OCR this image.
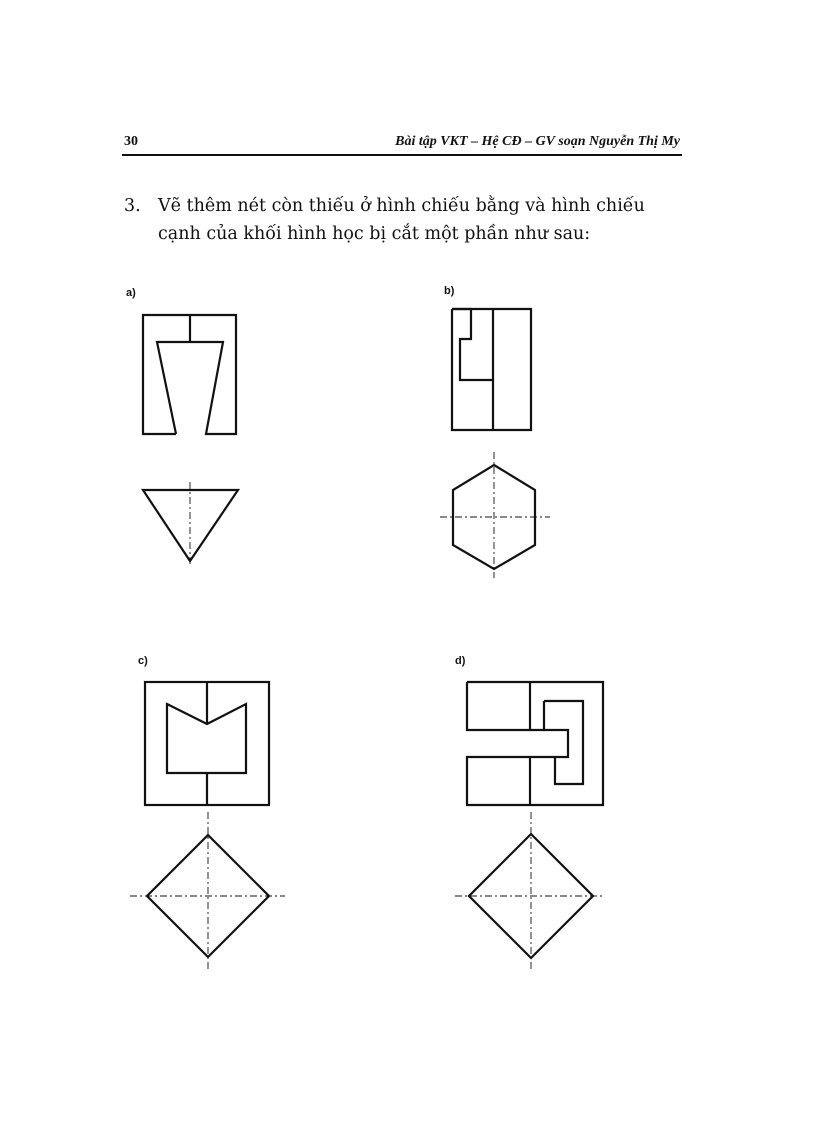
30	Bài tập VKT – Hệ CĐ – GV soạn Nguyễn Thị My
3. Vẽ thêm nét còn thiếu ở hình chiếu bằng và hình chiếu
cạnh của khối hình học bị cắt một phần như sau:
a)	b)
c)	d)
